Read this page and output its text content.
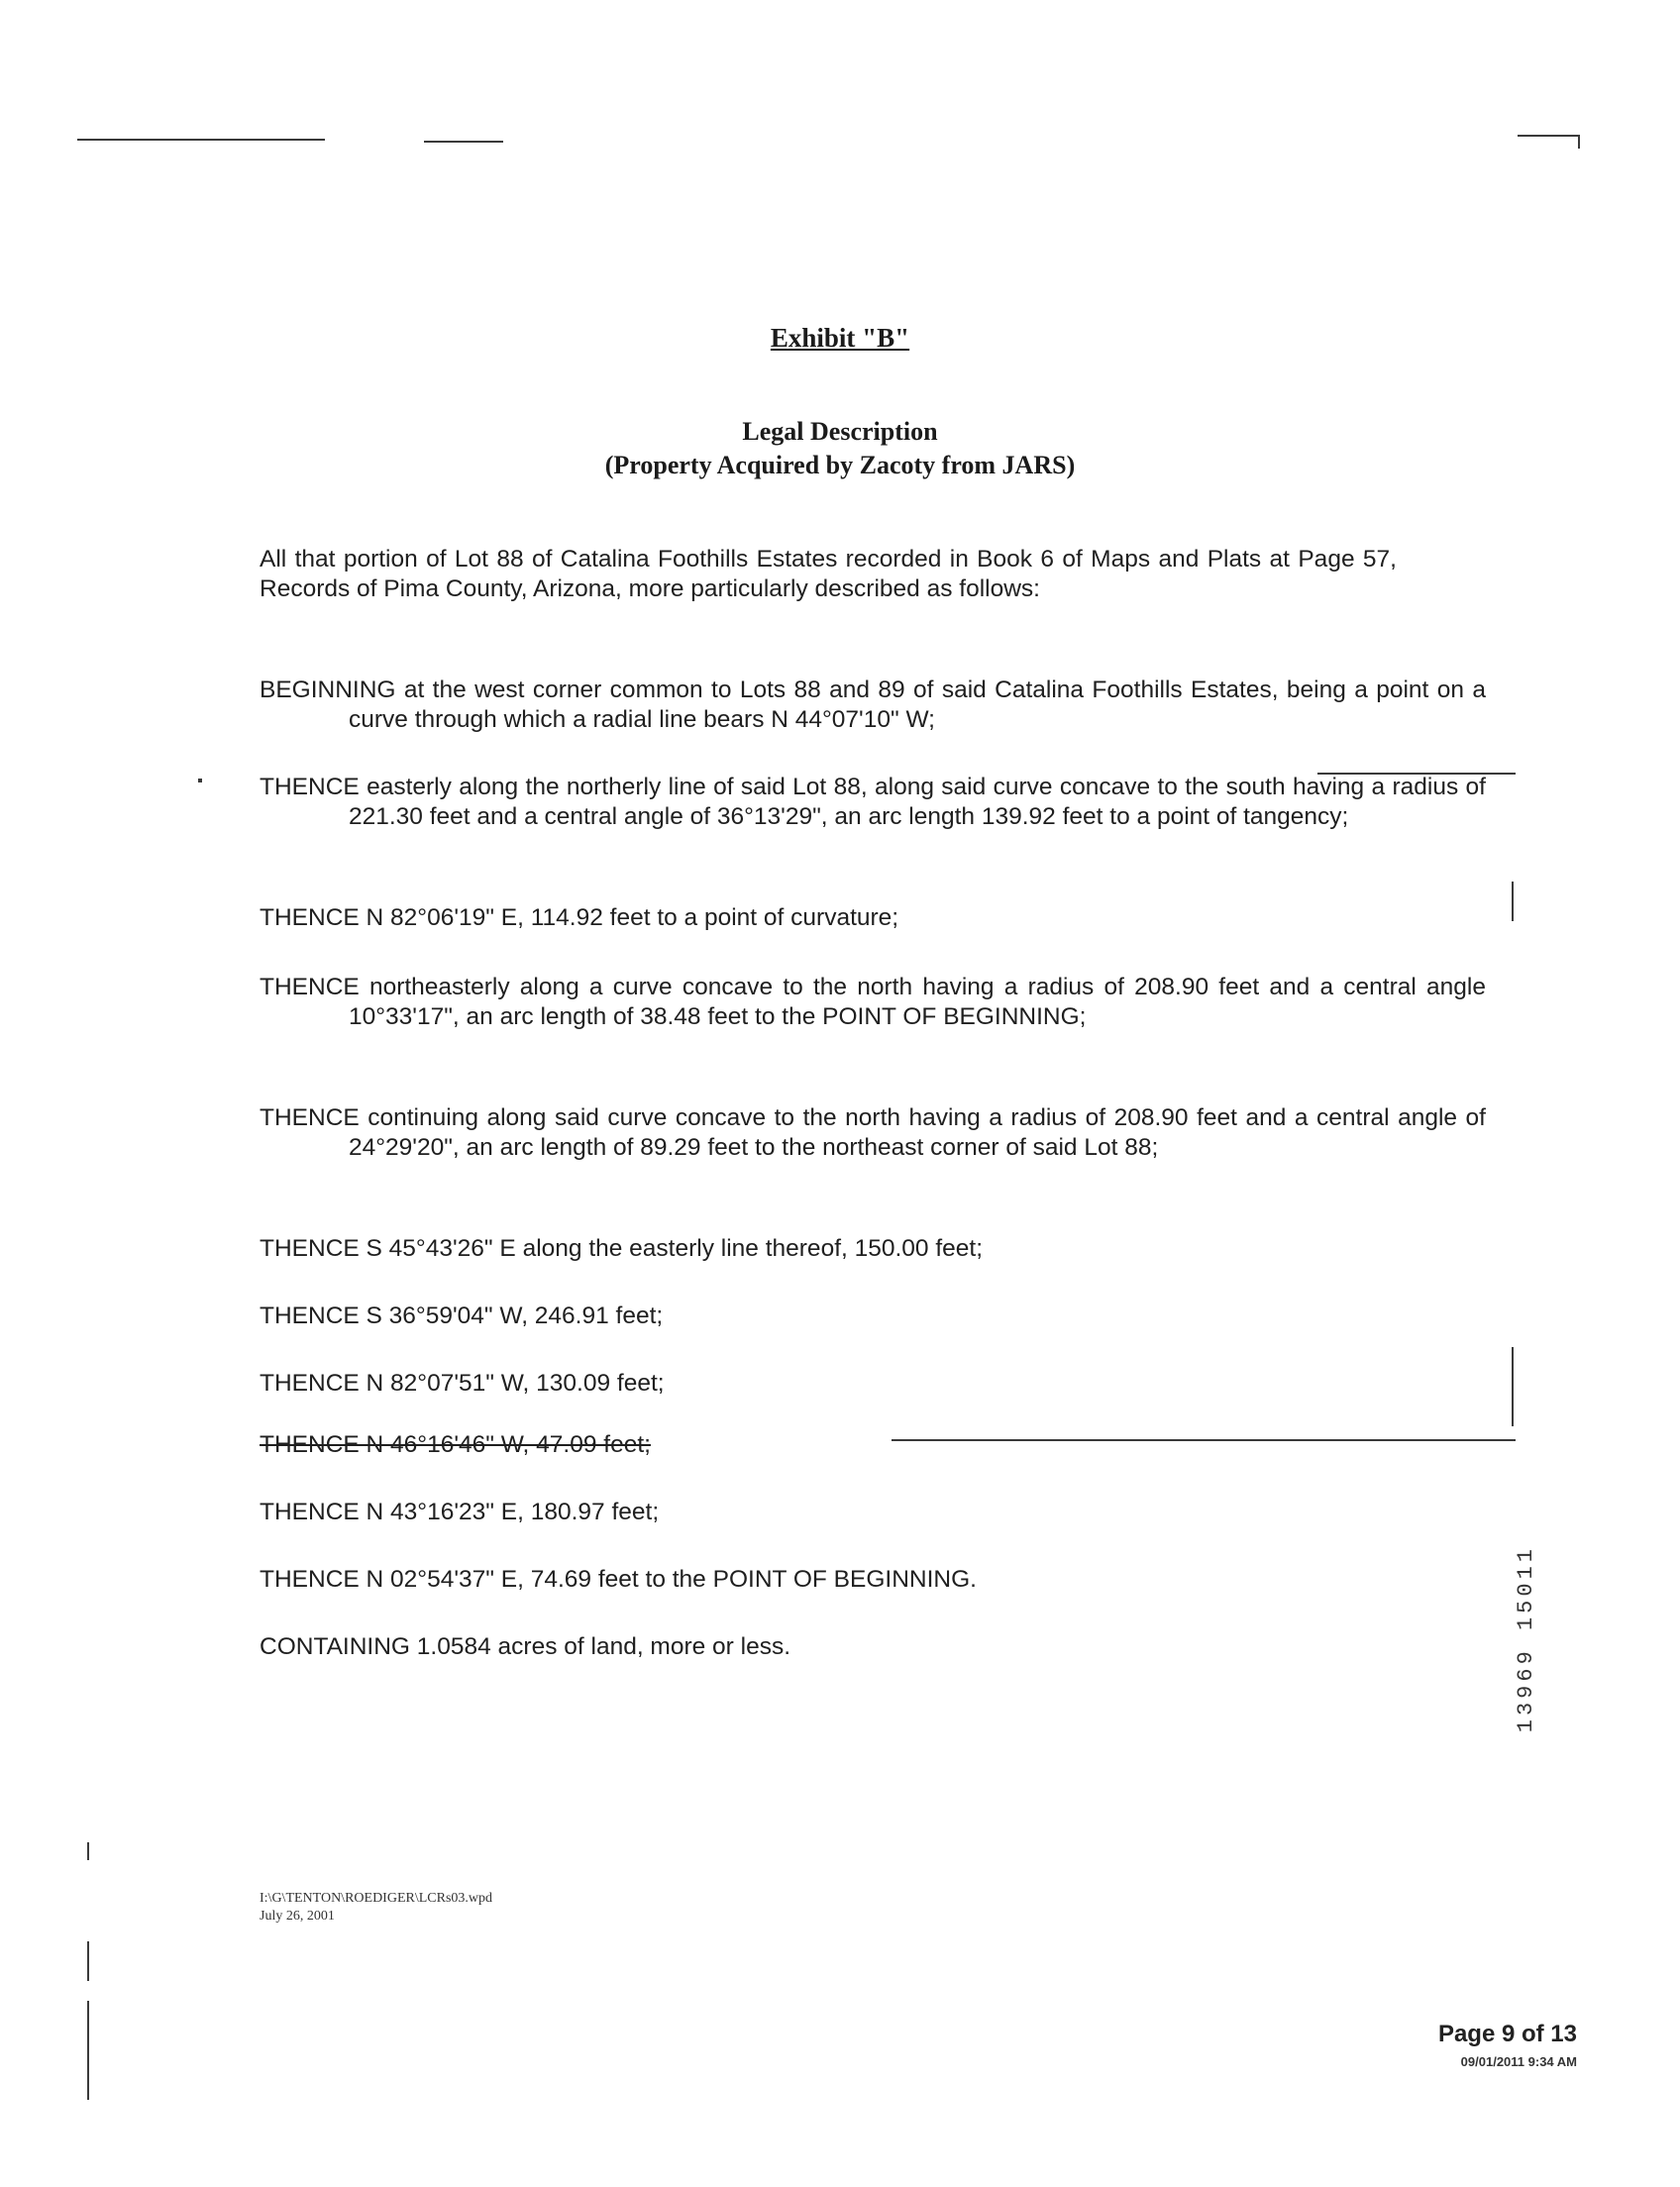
Exhibit "B"
Legal Description
(Property Acquired by Zacoty from JARS)
All that portion of Lot 88 of Catalina Foothills Estates recorded in Book 6 of Maps and Plats at Page 57, Records of Pima County, Arizona, more particularly described as follows:
BEGINNING at the west corner common to Lots 88 and 89 of said Catalina Foothills Estates, being a point on a curve through which a radial line bears N 44°07'10" W;
THENCE easterly along the northerly line of said Lot 88, along said curve concave to the south having a radius of 221.30 feet and a central angle of 36°13'29", an arc length 139.92 feet to a point of tangency;
THENCE N 82°06'19" E, 114.92 feet to a point of curvature;
THENCE northeasterly along a curve concave to the north having a radius of 208.90 feet and a central angle 10°33'17", an arc length of 38.48 feet to the POINT OF BEGINNING;
THENCE continuing along said curve concave to the north having a radius of 208.90 feet and a central angle of 24°29'20", an arc length of 89.29 feet to the northeast corner of said Lot 88;
THENCE S 45°43'26" E along the easterly line thereof, 150.00 feet;
THENCE S 36°59'04" W, 246.91 feet;
THENCE N 82°07'51" W, 130.09 feet;
THENCE N 46°16'46" W, 47.09 feet;
THENCE N 43°16'23" E, 180.97 feet;
THENCE N 02°54'37" E, 74.69 feet to the POINT OF BEGINNING.
CONTAINING 1.0584 acres of land, more or less.	13969 15011
I:\G\TENTON\ROEDIGER\LCRs03.wpd
July 26, 2001
Page 9 of 13
09/01/2011 9:34 AM
